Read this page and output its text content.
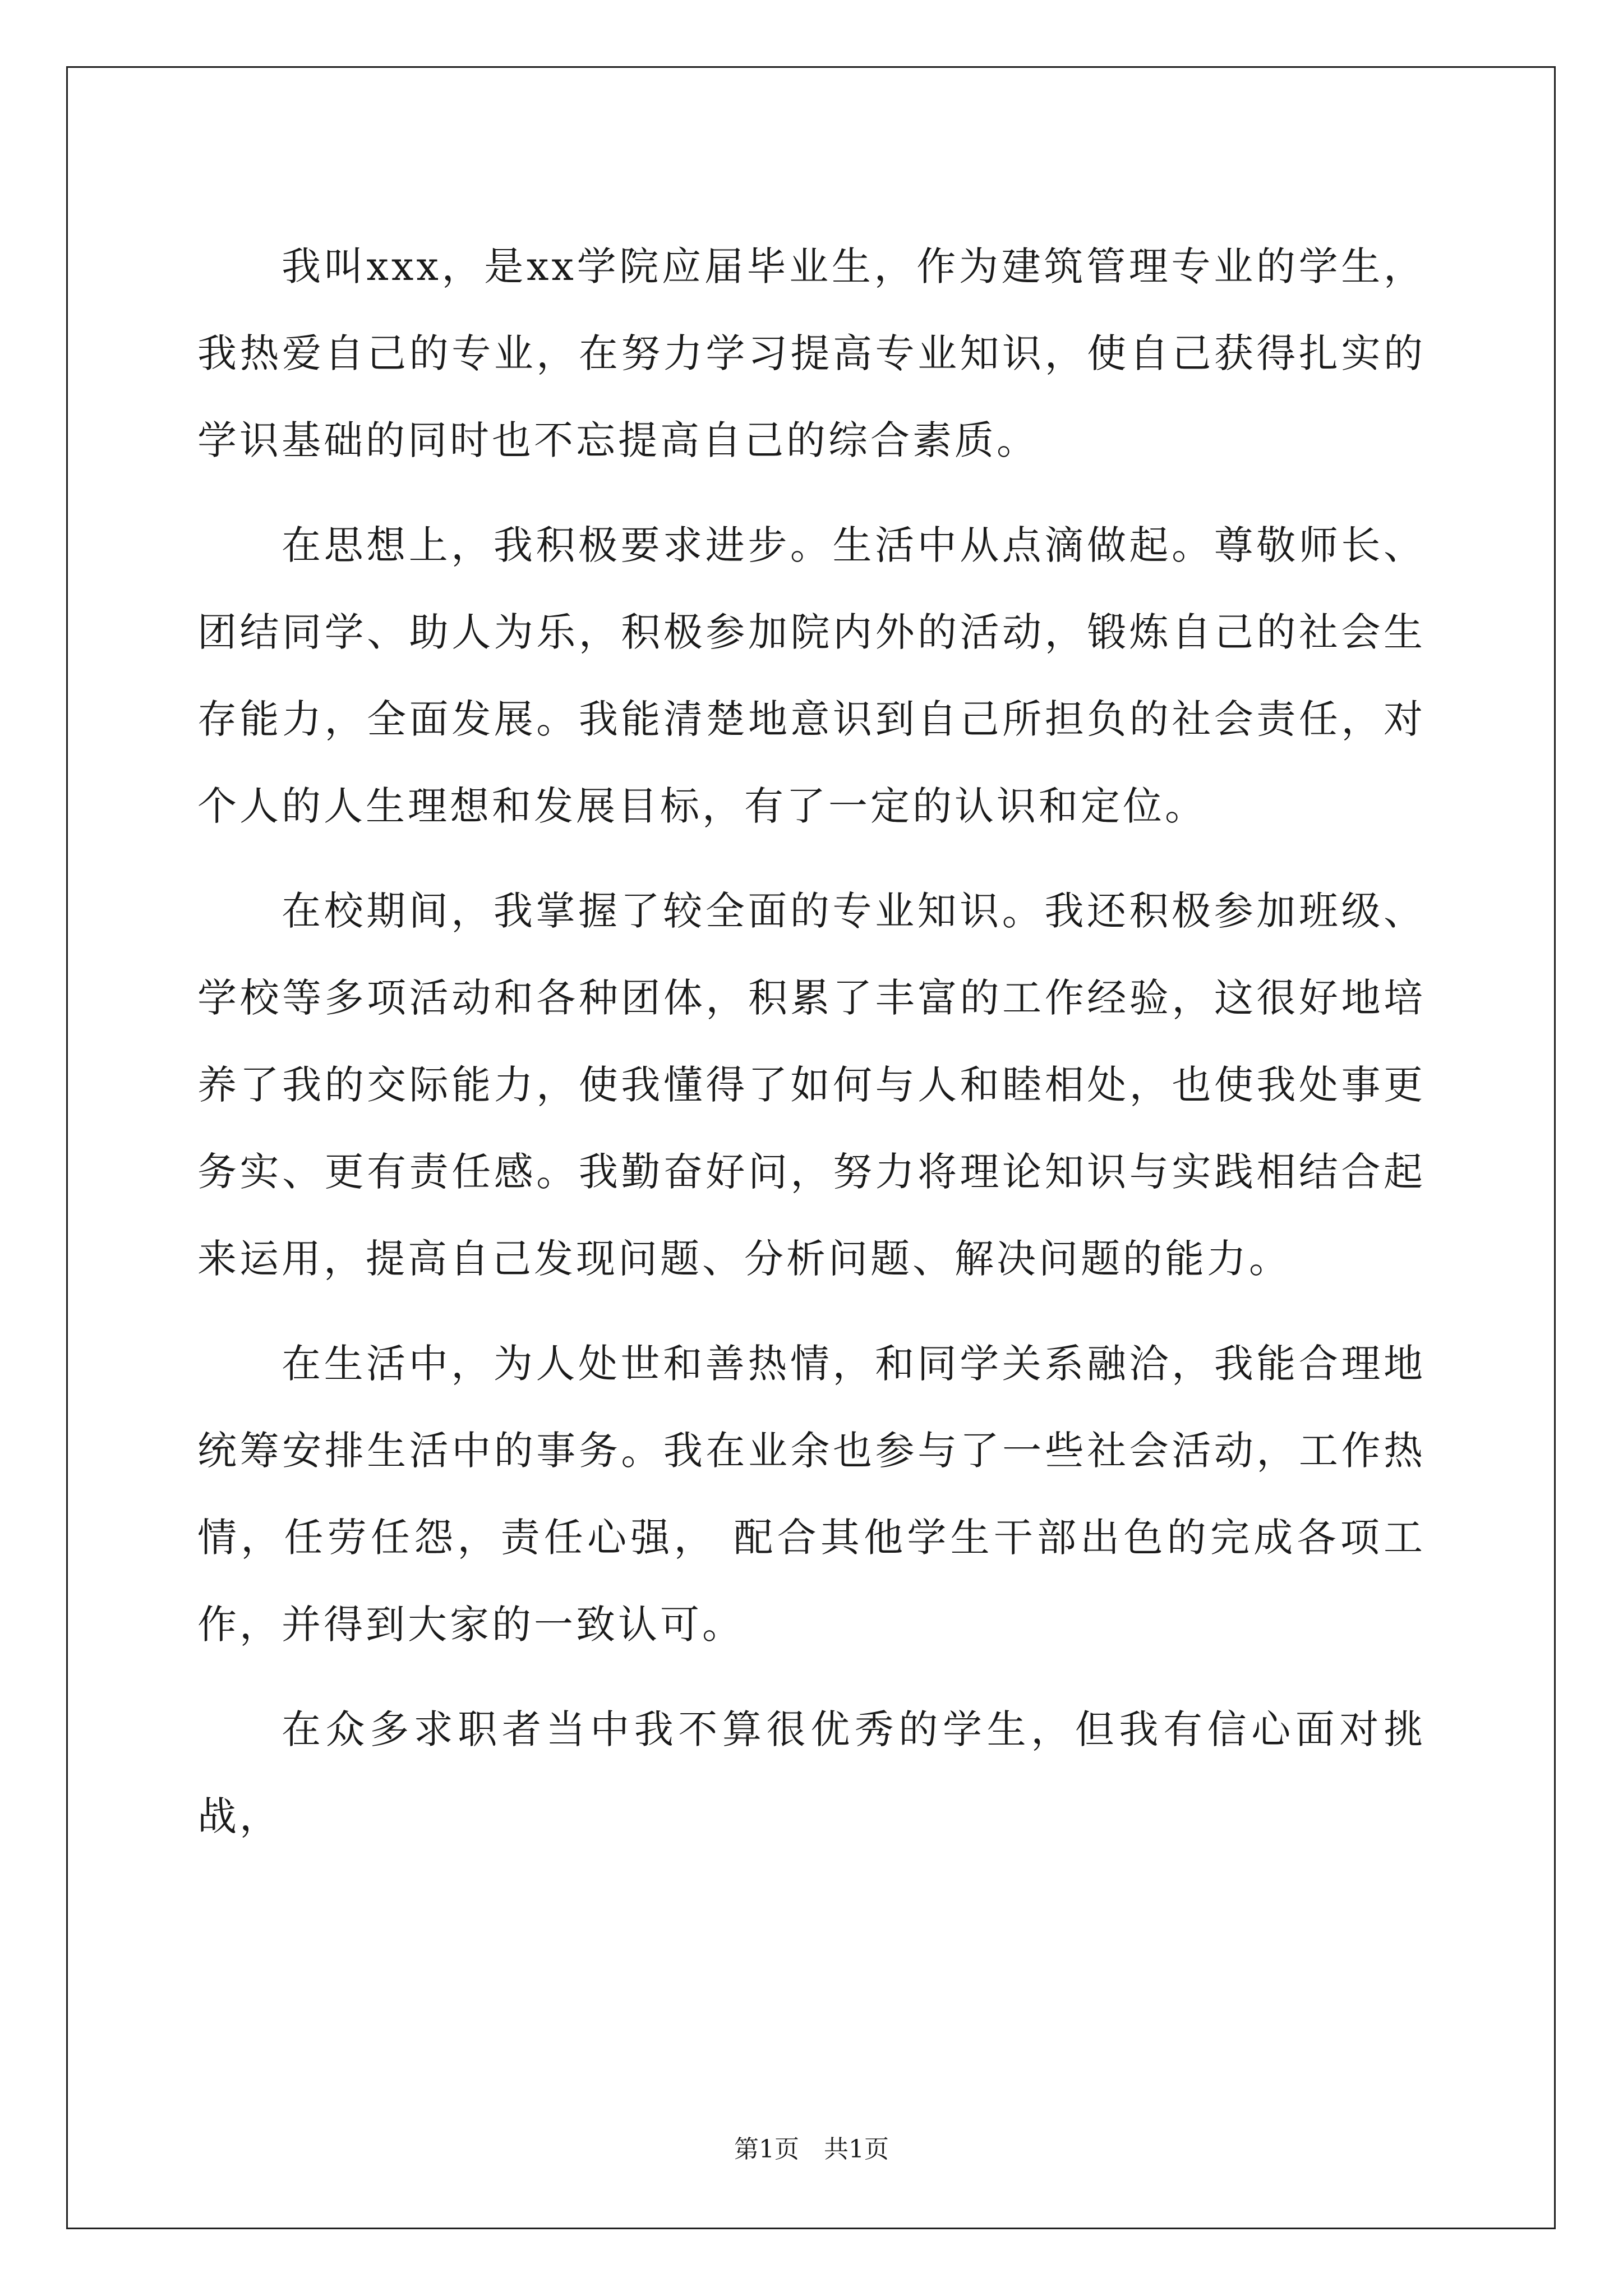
我叫xxx，是xx学院应届毕业生，作为建筑管理专业的学生，我热爱自己的专业，在努力学习提高专业知识，使自己获得扎实的学识基础的同时也不忘提高自己的综合素质。

在思想上，我积极要求进步。生活中从点滴做起。尊敬师长、团结同学、助人为乐，积极参加院内外的活动，锻炼自己的社会生存能力，全面发展。我能清楚地意识到自己所担负的社会责任，对个人的人生理想和发展目标，有了一定的认识和定位。

在校期间，我掌握了较全面的专业知识。我还积极参加班级、学校等多项活动和各种团体，积累了丰富的工作经验，这很好地培养了我的交际能力，使我懂得了如何与人和睦相处，也使我处事更务实、更有责任感。我勤奋好问，努力将理论知识与实践相结合起来运用，提高自己发现问题、分析问题、解决问题的能力。

在生活中，为人处世和善热情，和同学关系融洽，我能合理地统筹安排生活中的事务。我在业余也参与了一些社会活动，工作热情，任劳任怨，责任心强， 配合其他学生干部出色的完成各项工作，并得到大家的一致认可。

在众多求职者当中我不算很优秀的学生，但我有信心面对挑战，

第1页 共1页
